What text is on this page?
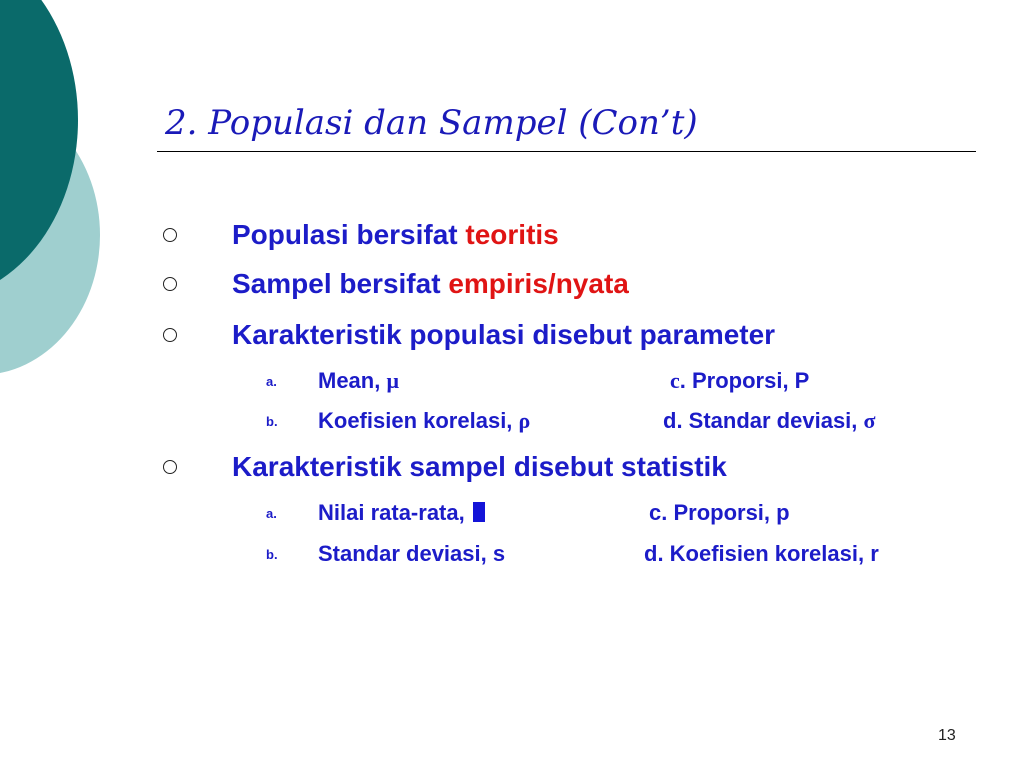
2. Populasi dan Sampel (Con’t)
Populasi bersifat teoritis
Sampel bersifat empiris/nyata
Karakteristik populasi disebut parameter
a. Mean, μ	c. Proporsi, P
b. Koefisien korelasi, ρ	d. Standar deviasi, σ
Karakteristik sampel disebut statistik
a. Nilai rata-rata,	c. Proporsi, p
b. Standar deviasi, s	d. Koefisien korelasi, r
13
